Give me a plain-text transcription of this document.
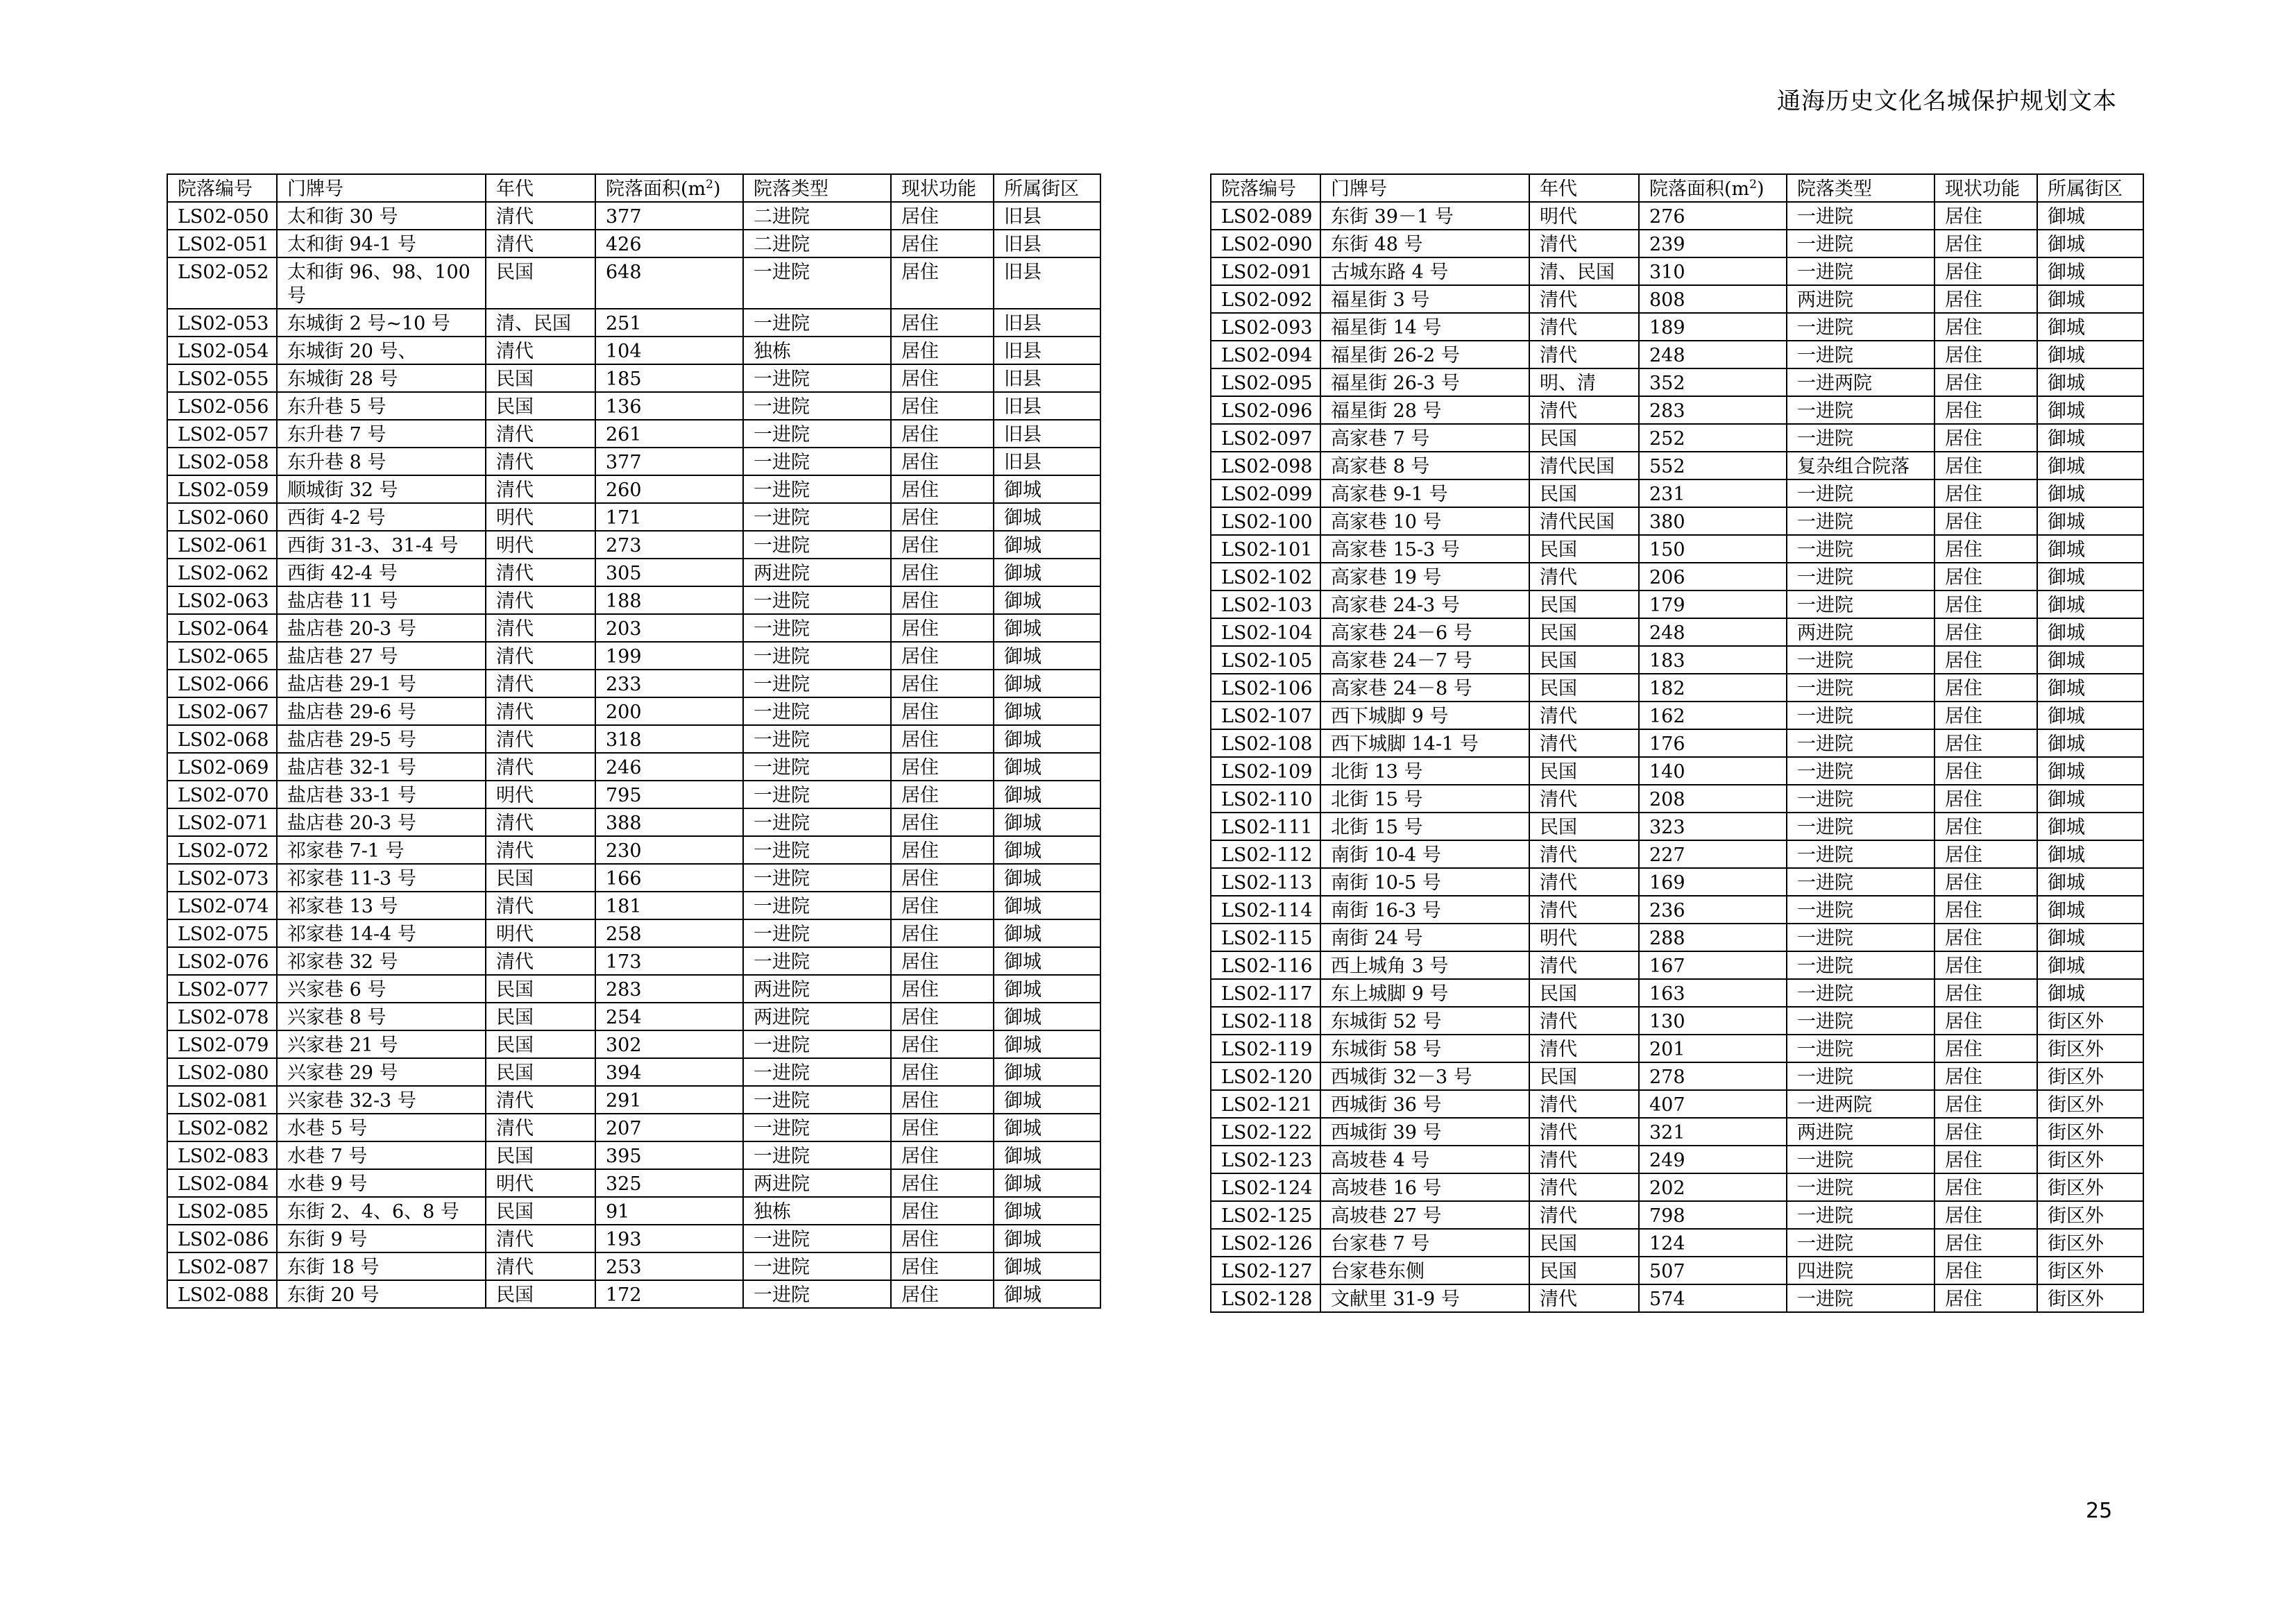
通海历史文化名城保护规划文本
院落编号	门牌号	年代	院落面积$(m^2)$	院落类型	现状功能	所属街区
LS02-050	太和街 30 号	清代	377	二进院	居住	旧县
LS02-051	太和街 94-1 号	清代	426	二进院	居住	旧县
LS02-052	太和街 96、98、100 号	民国	648	一进院	居住	旧县
LS02-053	东城街 2 号~10 号	清、民国	251	一进院	居住	旧县
LS02-054	东城街 20 号、	清代	104	独栋	居住	旧县
LS02-055	东城街 28 号	民国	185	一进院	居住	旧县
LS02-056	东升巷 5 号	民国	136	一进院	居住	旧县
LS02-057	东升巷 7 号	清代	261	一进院	居住	旧县
LS02-058	东升巷 8 号	清代	377	一进院	居住	旧县
LS02-059	顺城街 32 号	清代	260	一进院	居住	御城
LS02-060	西街 4-2 号	明代	171	一进院	居住	御城
LS02-061	西街 31-3、31-4 号	明代	273	一进院	居住	御城
LS02-062	西街 42-4 号	清代	305	两进院	居住	御城
LS02-063	盐店巷 11 号	清代	188	一进院	居住	御城
LS02-064	盐店巷 20-3 号	清代	203	一进院	居住	御城
LS02-065	盐店巷 27 号	清代	199	一进院	居住	御城
LS02-066	盐店巷 29-1 号	清代	233	一进院	居住	御城
LS02-067	盐店巷 29-6 号	清代	200	一进院	居住	御城
LS02-068	盐店巷 29-5 号	清代	318	一进院	居住	御城
LS02-069	盐店巷 32-1 号	清代	246	一进院	居住	御城
LS02-070	盐店巷 33-1 号	明代	795	一进院	居住	御城
LS02-071	盐店巷 20-3 号	清代	388	一进院	居住	御城
LS02-072	祁家巷 7-1 号	清代	230	一进院	居住	御城
LS02-073	祁家巷 11-3 号	民国	166	一进院	居住	御城
LS02-074	祁家巷 13 号	清代	181	一进院	居住	御城
LS02-075	祁家巷 14-4 号	明代	258	一进院	居住	御城
LS02-076	祁家巷 32 号	清代	173	一进院	居住	御城
LS02-077	兴家巷 6 号	民国	283	两进院	居住	御城
LS02-078	兴家巷 8 号	民国	254	两进院	居住	御城
LS02-079	兴家巷 21 号	民国	302	一进院	居住	御城
LS02-080	兴家巷 29 号	民国	394	一进院	居住	御城
LS02-081	兴家巷 32-3 号	清代	291	一进院	居住	御城
LS02-082	水巷 5 号	清代	207	一进院	居住	御城
LS02-083	水巷 7 号	民国	395	一进院	居住	御城
LS02-084	水巷 9 号	明代	325	两进院	居住	御城
LS02-085	东街 2、4、6、8 号	民国	91	独栋	居住	御城
LS02-086	东街 9 号	清代	193	一进院	居住	御城
LS02-087	东街 18 号	清代	253	一进院	居住	御城
LS02-088	东街 20 号	民国	172	一进院	居住	御城
院落编号	门牌号	年代	院落面积$(m^2)$	院落类型	现状功能	所属街区
LS02-089	东街 39－1 号	明代	276	一进院	居住	御城
LS02-090	东街 48 号	清代	239	一进院	居住	御城
LS02-091	古城东路 4 号	清、民国	310	一进院	居住	御城
LS02-092	福星街 3 号	清代	808	两进院	居住	御城
LS02-093	福星街 14 号	清代	189	一进院	居住	御城
LS02-094	福星街 26-2 号	清代	248	一进院	居住	御城
LS02-095	福星街 26-3 号	明、清	352	一进两院	居住	御城
LS02-096	福星街 28 号	清代	283	一进院	居住	御城
LS02-097	高家巷 7 号	民国	252	一进院	居住	御城
LS02-098	高家巷 8 号	清代民国	552	复杂组合院落	居住	御城
LS02-099	高家巷 9-1 号	民国	231	一进院	居住	御城
LS02-100	高家巷 10 号	清代民国	380	一进院	居住	御城
LS02-101	高家巷 15-3 号	民国	150	一进院	居住	御城
LS02-102	高家巷 19 号	清代	206	一进院	居住	御城
LS02-103	高家巷 24-3 号	民国	179	一进院	居住	御城
LS02-104	高家巷 24－6 号	民国	248	两进院	居住	御城
LS02-105	高家巷 24－7 号	民国	183	一进院	居住	御城
LS02-106	高家巷 24－8 号	民国	182	一进院	居住	御城
LS02-107	西下城脚 9 号	清代	162	一进院	居住	御城
LS02-108	西下城脚 14-1 号	清代	176	一进院	居住	御城
LS02-109	北街 13 号	民国	140	一进院	居住	御城
LS02-110	北街 15 号	清代	208	一进院	居住	御城
LS02-111	北街 15 号	民国	323	一进院	居住	御城
LS02-112	南街 10-4 号	清代	227	一进院	居住	御城
LS02-113	南街 10-5 号	清代	169	一进院	居住	御城
LS02-114	南街 16-3 号	清代	236	一进院	居住	御城
LS02-115	南街 24 号	明代	288	一进院	居住	御城
LS02-116	西上城角 3 号	清代	167	一进院	居住	御城
LS02-117	东上城脚 9 号	民国	163	一进院	居住	御城
LS02-118	东城街 52 号	清代	130	一进院	居住	街区外
LS02-119	东城街 58 号	清代	201	一进院	居住	街区外
LS02-120	西城街 32－3 号	民国	278	一进院	居住	街区外
LS02-121	西城街 36 号	清代	407	一进两院	居住	街区外
LS02-122	西城街 39 号	清代	321	两进院	居住	街区外
LS02-123	高坡巷 4 号	清代	249	一进院	居住	街区外
LS02-124	高坡巷 16 号	清代	202	一进院	居住	街区外
LS02-125	高坡巷 27 号	清代	798	一进院	居住	街区外
LS02-126	台家巷 7 号	民国	124	一进院	居住	街区外
LS02-127	台家巷东侧	民国	507	四进院	居住	街区外
LS02-128	文献里 31-9 号	清代	574	一进院	居住	街区外
25
